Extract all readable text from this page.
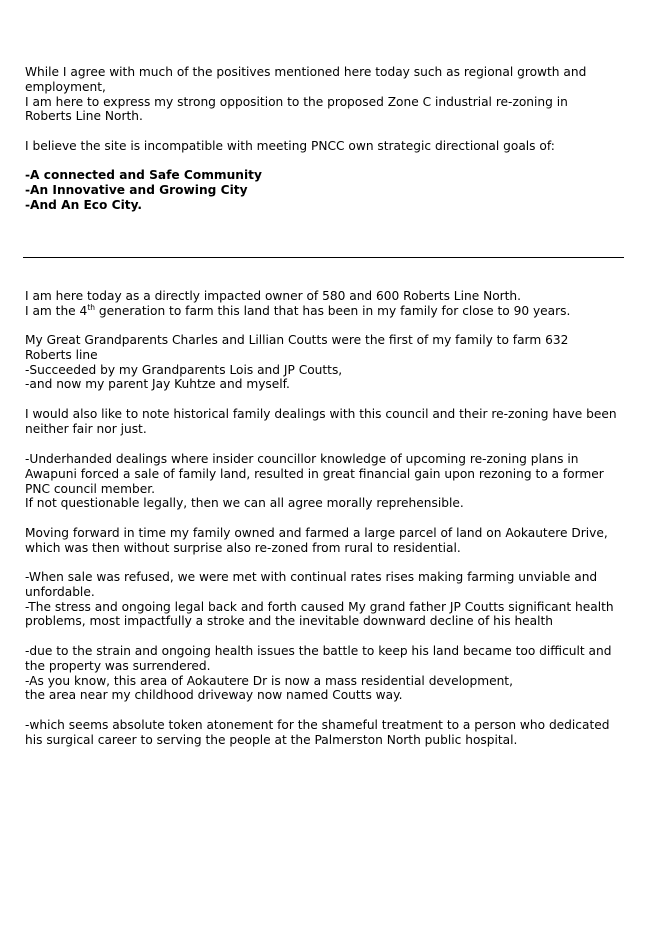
While I agree with much of the positives mentioned here today such as regional growth and
employment,
I am here to express my strong opposition to the proposed Zone C industrial re-zoning in
Roberts Line North.

I believe the site is incompatible with meeting PNCC own strategic directional goals of:

-A connected and Safe Community
-An Innovative and Growing City
-And An Eco City.

I am here today as a directly impacted owner of 580 and 600 Roberts Line North.
I am the 4th generation to farm this land that has been in my family for close to 90 years.

My Great Grandparents Charles and Lillian Coutts were the first of my family to farm 632
Roberts line
-Succeeded by my Grandparents Lois and JP Coutts,
-and now my parent Jay Kuhtze and myself.

I would also like to note historical family dealings with this council and their re-zoning have been
neither fair nor just.

-Underhanded dealings where insider councillor knowledge of upcoming re-zoning plans in
Awapuni forced a sale of family land, resulted in great financial gain upon rezoning to a former
PNC council member.
If not questionable legally, then we can all agree morally reprehensible.

Moving forward in time my family owned and farmed a large parcel of land on Aokautere Drive,
which was then without surprise also re-zoned from rural to residential.

-When sale was refused, we were met with continual rates rises making farming unviable and
unfordable.
-The stress and ongoing legal back and forth caused My grand father JP Coutts significant health
problems, most impactfully a stroke and the inevitable downward decline of his health

-due to the strain and ongoing health issues the battle to keep his land became too difficult and
the property was surrendered.
-As you know, this area of Aokautere Dr is now a mass residential development,
the area near my childhood driveway now named Coutts way.

-which seems absolute token atonement for the shameful treatment to a person who dedicated
his surgical career to serving the people at the Palmerston North public hospital.
